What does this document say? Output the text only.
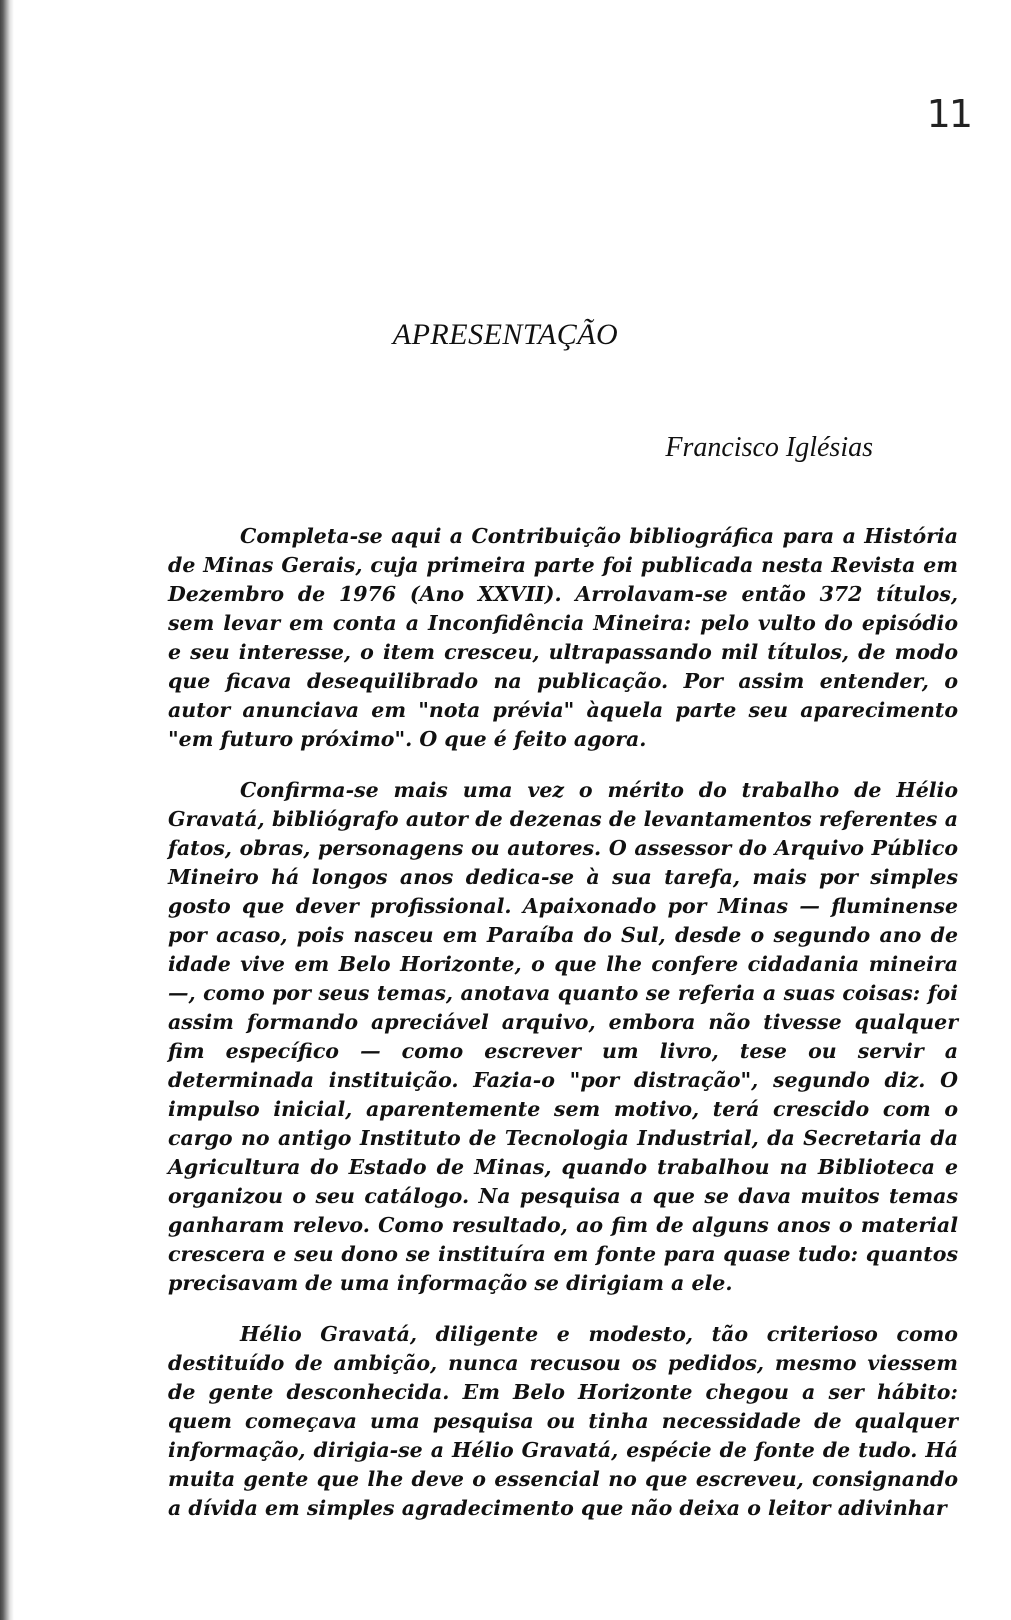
11
APRESENTAÇÃO
Francisco Iglésias

Completa-se aqui a Contribuição bibliográfica para a História de Minas Gerais, cuja primeira parte foi publicada nesta Revista em Dezembro de 1976 (Ano XXVII). Arrolavam-se então 372 títulos, sem levar em conta a Inconfidência Mineira: pelo vulto do episódio e seu interesse, o item cresceu, ultrapassando mil títulos, de modo que ficava desequilibrado na publicação. Por assim entender, o autor anunciava em "nota prévia" àquela parte seu aparecimento "em futuro próximo". O que é feito agora.

Confirma-se mais uma vez o mérito do trabalho de Hélio Gravatá, bibliógrafo autor de dezenas de levantamentos referentes a fatos, obras, personagens ou autores. O assessor do Arquivo Público Mineiro há longos anos dedica-se à sua tarefa, mais por simples gosto que dever profissional. Apaixonado por Minas — fluminense por acaso, pois nasceu em Paraíba do Sul, desde o segundo ano de idade vive em Belo Horizonte, o que lhe confere cidadania mineira —, como por seus temas, anotava quanto se referia a suas coisas: foi assim formando apreciável arquivo, embora não tivesse qualquer fim específico — como escrever um livro, tese ou servir a determinada instituição. Fazia-o "por distração", segundo diz. O impulso inicial, aparentemente sem motivo, terá crescido com o cargo no antigo Instituto de Tecnologia Industrial, da Secretaria da Agricultura do Estado de Minas, quando trabalhou na Biblioteca e organizou o seu catálogo. Na pesquisa a que se dava muitos temas ganharam relevo. Como resultado, ao fim de alguns anos o material crescera e seu dono se instituíra em fonte para quase tudo: quantos precisavam de uma informação se dirigiam a ele.

Hélio Gravatá, diligente e modesto, tão criterioso como destituído de ambição, nunca recusou os pedidos, mesmo viessem de gente desconhecida. Em Belo Horizonte chegou a ser hábito: quem começava uma pesquisa ou tinha necessidade de qualquer informação, dirigia-se a Hélio Gravatá, espécie de fonte de tudo. Há muita gente que lhe deve o essencial no que escreveu, consignando a dívida em simples agradecimento que não deixa o leitor adivinhar
